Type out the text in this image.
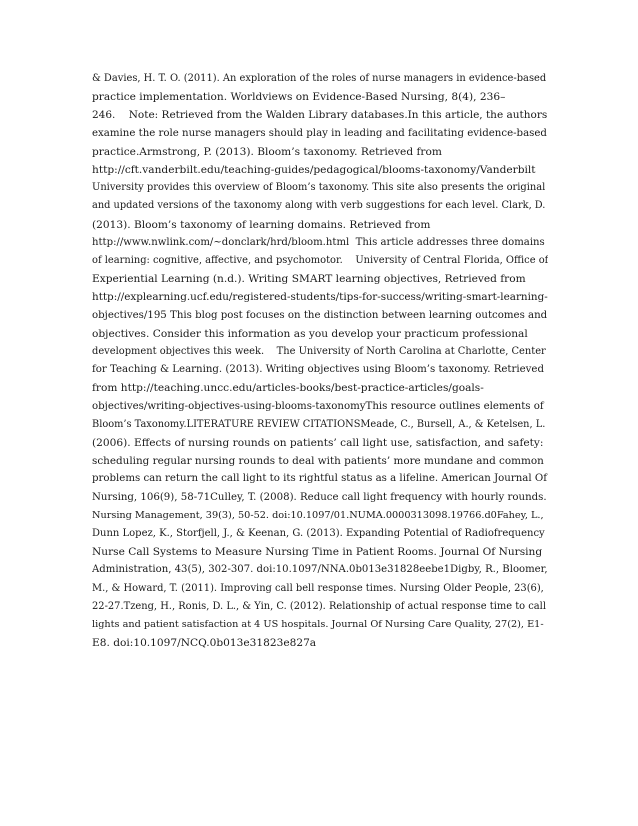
& Davies, H. T. O. (2011). An exploration of the roles of nurse managers in evidence-based
practice implementation. Worldviews on Evidence-Based Nursing, 8(4), 236–
246.    Note: Retrieved from the Walden Library databases.In this article, the authors
examine the role nurse managers should play in leading and facilitating evidence-based
practice.Armstrong, P. (2013). Bloom’s taxonomy. Retrieved from
http://cft.vanderbilt.edu/teaching-guides/pedagogical/blooms-taxonomy/Vanderbilt
University provides this overview of Bloom’s taxonomy. This site also presents the original
and updated versions of the taxonomy along with verb suggestions for each level. Clark, D.
(2013). Bloom’s taxonomy of learning domains. Retrieved from
http://www.nwlink.com/~donclark/hrd/bloom.html  This article addresses three domains
of learning: cognitive, affective, and psychomotor.    University of Central Florida, Office of
Experiential Learning (n.d.). Writing SMART learning objectives, Retrieved from
http://explearning.ucf.edu/registered-students/tips-for-success/writing-smart-learning-
objectives/195 This blog post focuses on the distinction between learning outcomes and
objectives. Consider this information as you develop your practicum professional
development objectives this week.    The University of North Carolina at Charlotte, Center
for Teaching & Learning. (2013). Writing objectives using Bloom’s taxonomy. Retrieved
from http://teaching.uncc.edu/articles-books/best-practice-articles/goals-
objectives/writing-objectives-using-blooms-taxonomyThis resource outlines elements of
Bloom’s Taxonomy.LITERATURE REVIEW CITATIONSMeade, C., Bursell, A., & Ketelsen, L.
(2006). Effects of nursing rounds on patients’ call light use, satisfaction, and safety:
scheduling regular nursing rounds to deal with patients’ more mundane and common
problems can return the call light to its rightful status as a lifeline. American Journal Of
Nursing, 106(9), 58-71Culley, T. (2008). Reduce call light frequency with hourly rounds.
Nursing Management, 39(3), 50-52. doi:10.1097/01.NUMA.0000313098.19766.d0Fahey, L.,
Dunn Lopez, K., Storfjell, J., & Keenan, G. (2013). Expanding Potential of Radiofrequency
Nurse Call Systems to Measure Nursing Time in Patient Rooms. Journal Of Nursing
Administration, 43(5), 302-307. doi:10.1097/NNA.0b013e31828eebe1Digby, R., Bloomer,
M., & Howard, T. (2011). Improving call bell response times. Nursing Older People, 23(6),
22-27.Tzeng, H., Ronis, D. L., & Yin, C. (2012). Relationship of actual response time to call
lights and patient satisfaction at 4 US hospitals. Journal Of Nursing Care Quality, 27(2), E1-
E8. doi:10.1097/NCQ.0b013e31823e827a
